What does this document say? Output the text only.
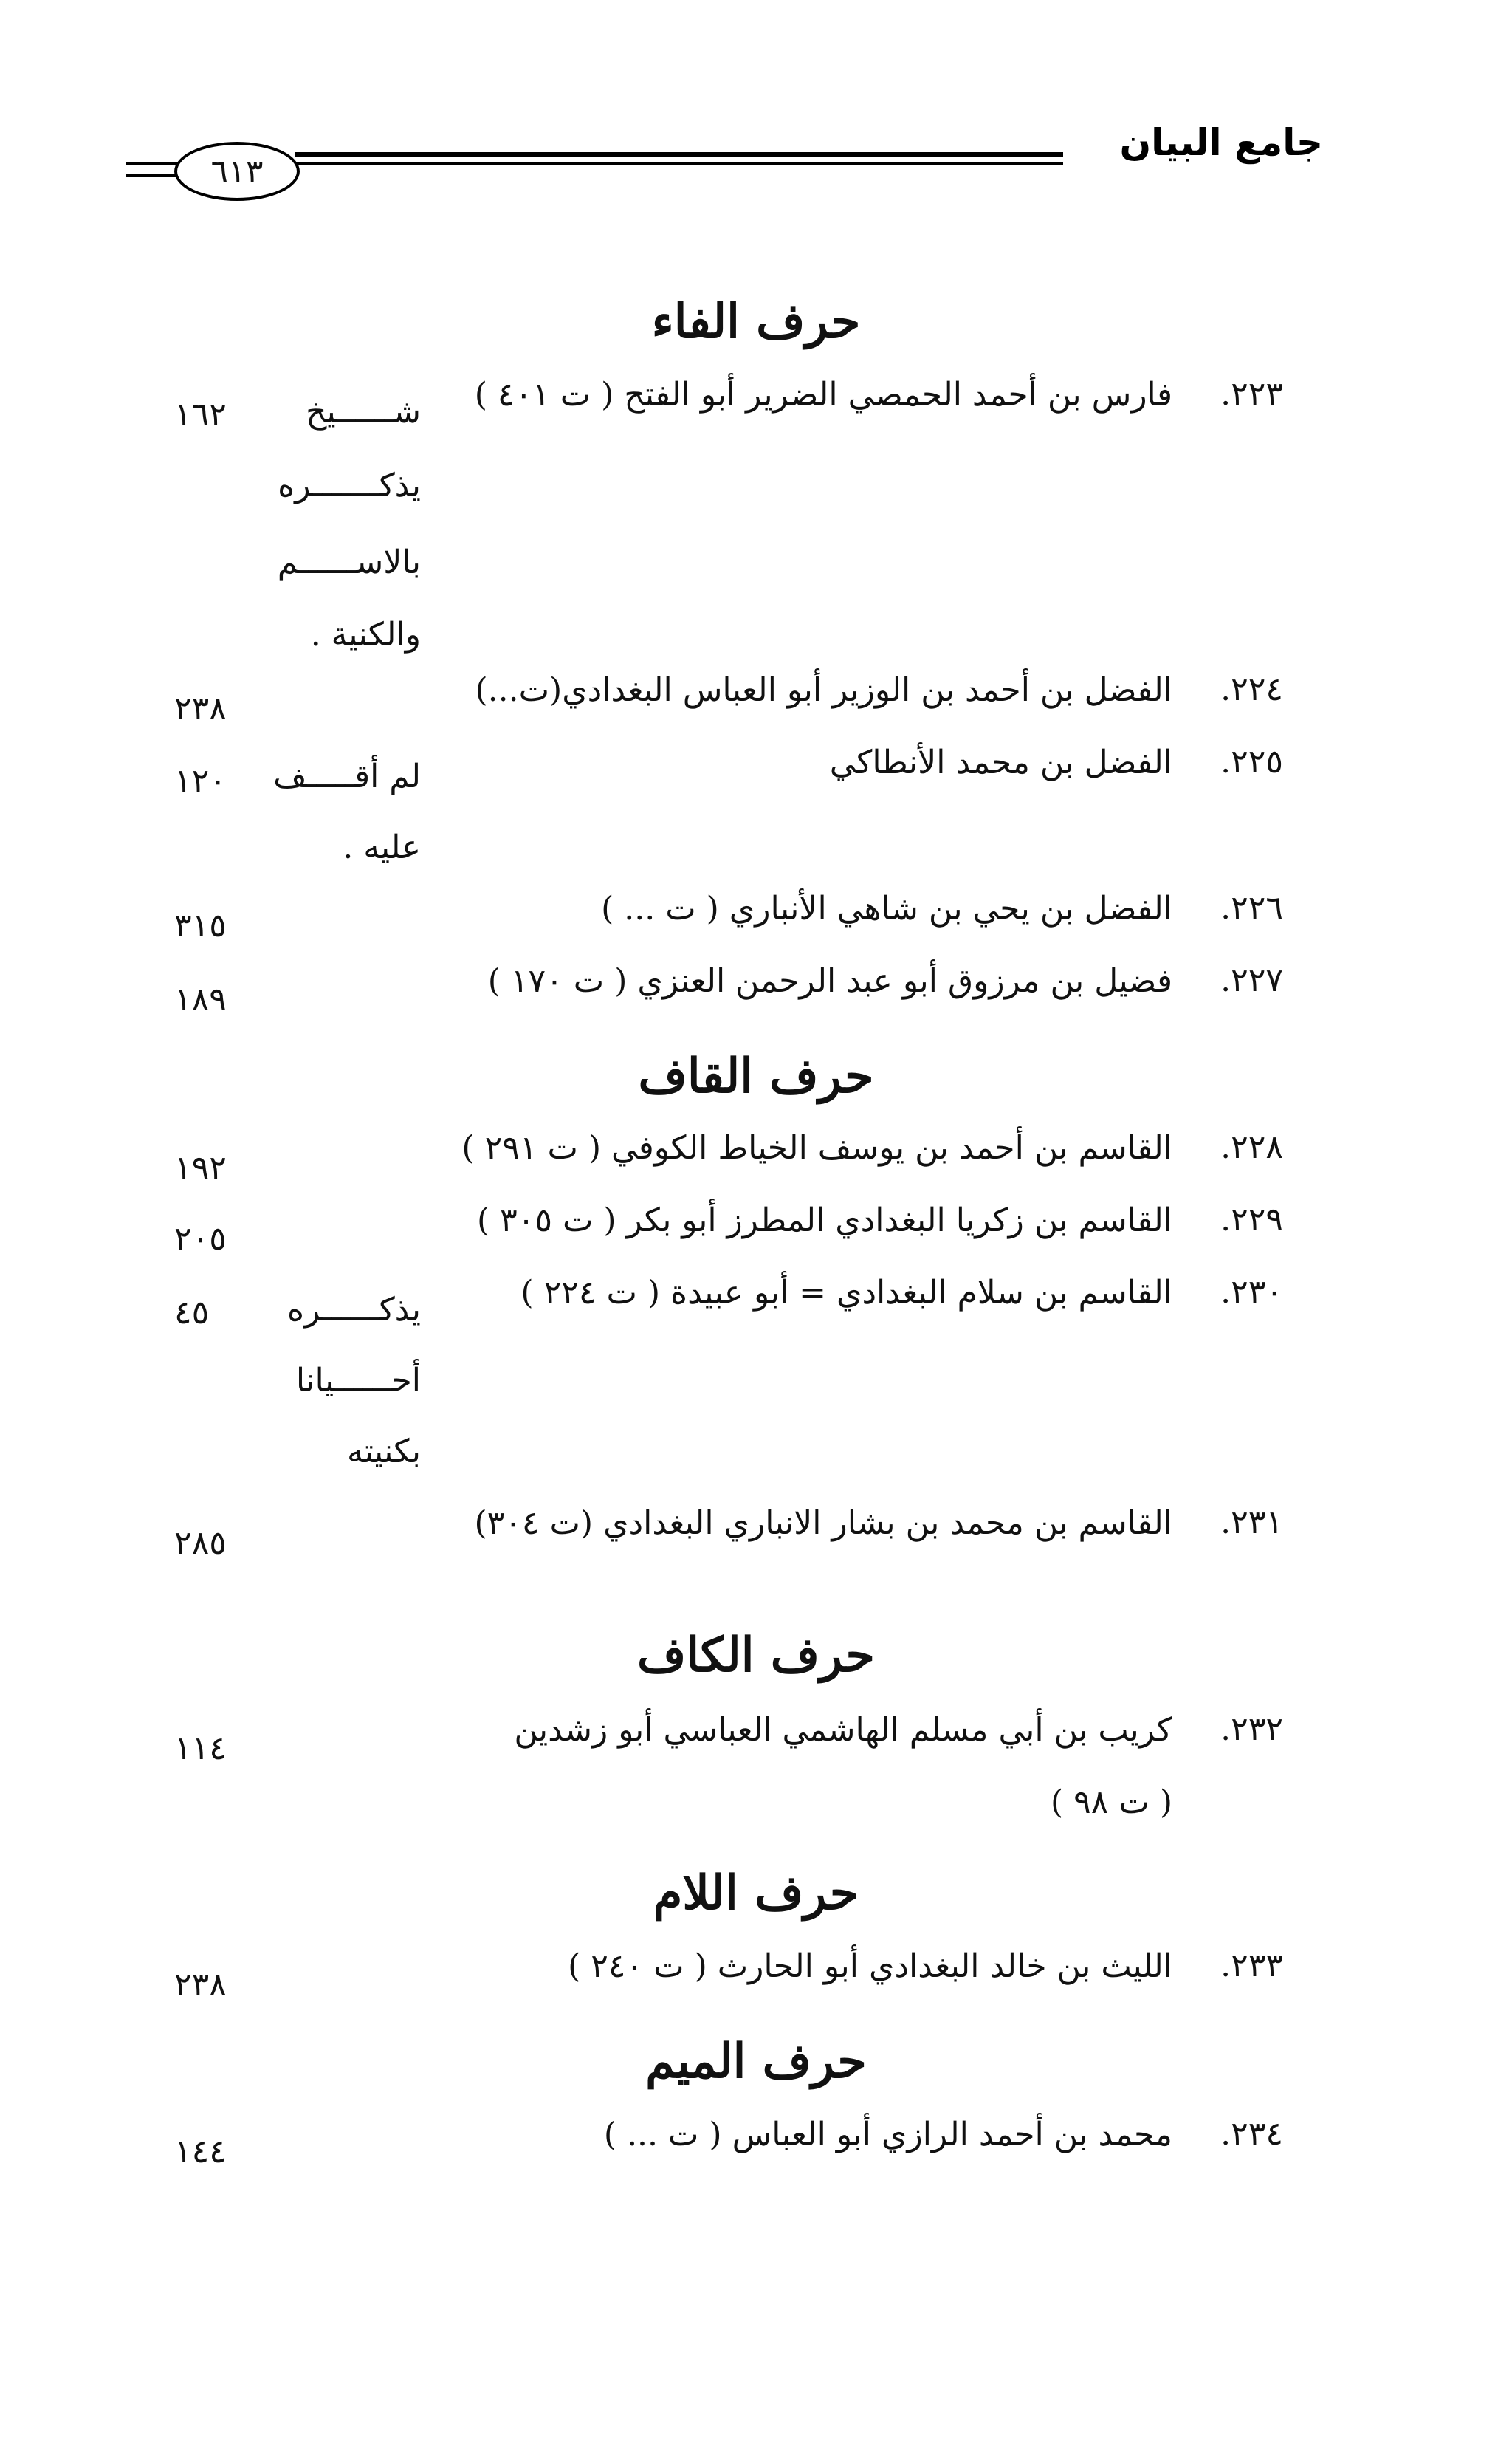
جامع البيان
٦١٣
حرف الفاء
٢٢٣.
فارس بن أحمد الحمصي الضرير أبو الفتح ( ت ٤٠١ )
شــــــيخ
يذكـــــــره
بالاســــــم
والكنية .
١٦٢
٢٢٤.
الفضل بن أحمد بن الوزير أبو العباس البغدادي(ت...)
٢٣٨
٢٢٥.
الفضل بن محمد الأنطاكي
لم أقـــــف
عليه .
١٢٠
٢٢٦.
الفضل بن يحي بن شاهي الأنباري ( ت ... )
٣١٥
٢٢٧.
فضيل بن مرزوق أبو عبد الرحمن العنزي ( ت ١٧٠ )
١٨٩
حرف القاف
٢٢٨.
القاسم بن أحمد بن يوسف الخياط الكوفي ( ت ٢٩١ )
١٩٢
٢٢٩.
القاسم بن زكريا البغدادي المطرز أبو بكر ( ت ٣٠٥ )
٢٠٥
٢٣٠.
القاسم بن سلام البغدادي = أبو عبيدة ( ت ٢٢٤ )
يذكــــــره
أحــــــيانا
بكنيته
٤٥
٢٣١.
القاسم بن محمد بن بشار الانباري البغدادي (ت ٣٠٤)
٢٨٥
حرف الكاف
٢٣٢.
كريب بن أبي مسلم الهاشمي العباسي أبو زشدين
( ت ٩٨ )
١١٤
حرف اللام
٢٣٣.
الليث بن خالد البغدادي أبو الحارث ( ت ٢٤٠ )
٢٣٨
حرف الميم
٢٣٤.
محمد بن أحمد الرازي أبو العباس ( ت ... )
١٤٤
